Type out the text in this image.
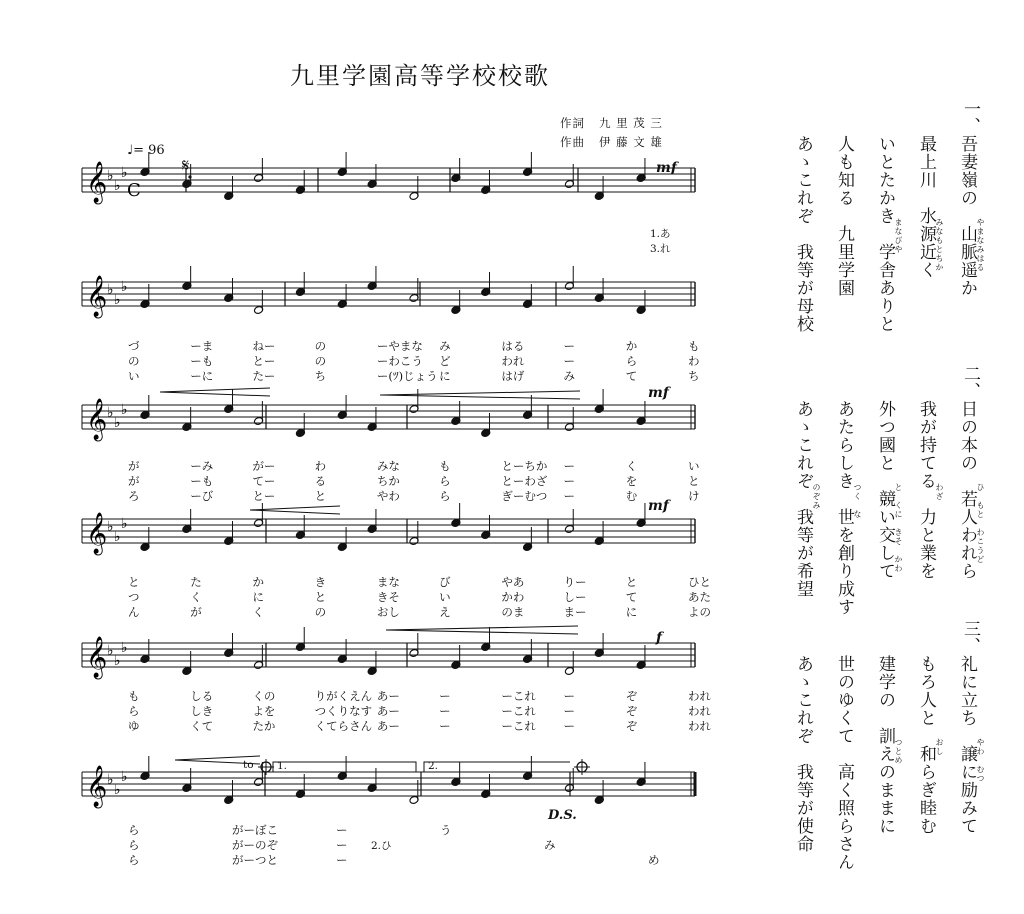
九里学園高等学校校歌
作詞 九 里 茂 三
作曲 伊 藤 文 雄
♩= 96
𝄋	mf
1.あ
3.れ
mf
mf
f
to 1.	2.
D.S.
2.ひ
づ	ーま	ねー	の	ーやまな み	はる	ー	か	も
の	ーも	とー	の	ーわこう ど	われ	ー	ら	わ
い	ーに	たー	ち	ー(ﾂ)じょう に	はげ	み	て	ち
が	ーみ	がー	わ	みな	も	とーちか ー	く	い
が	ーも	てー	る	ちか	ら	とーわざ ー	を	と
ろ	ーび	とー	と	やわ	ら	ぎーむつ ー	む	け
と	た	か	き	まな	び	やあ	りー	と	ひと
つ	く	に	と	きそ	い	かわ	しー	て	あた
ん	が	く	の	おし	え	のま	まー	に	よの
も	しる	くの	りがくえん あー	ー	ーこれ ー	ぞ	われ
ら	しき	よを	つくりなす あー	ー	ーこれ ー	ぞ	われ
ゆ	くて	たか	くてらさん あー	ー	ーこれ ー	ぞ	われ
ら	がーぼこ	ー	う
ら	がーのぞ	ー	み
ら	がーつと	ー	め
一、
吾妻嶺の　山脈遥か
最上川　水源近く
いとたかき　学舎ありと
人も知る　九里学園
あゝこれぞ　我等が母校	やまなみはる
みなもとちか
まなびや
二、
日の本の　若人われら
我が持てる　力と業を
外つ國と　競い交して
あたらしき　世を創り成す
あゝこれぞ　我等が希望	ひ　もと　わこうど
わざ
と　くに　きそ　かわ
つく　な
のぞみ
三、
礼に立ち　譲に励みて
もろ人と　和らぎ睦む
建学の　訓えのままに
世のゆくて　高く照らさん
あゝこれぞ　我等が使命	やわ　むつ
おし
つとめ
𝄞 ♭
♭
♭
𝄞 ♭
♭
♭
𝄞 ♭
♭
♭
𝄞 ♭
♭
♭
𝄞 ♭
♭
♭
𝄞 ♭
♭
♭
C
